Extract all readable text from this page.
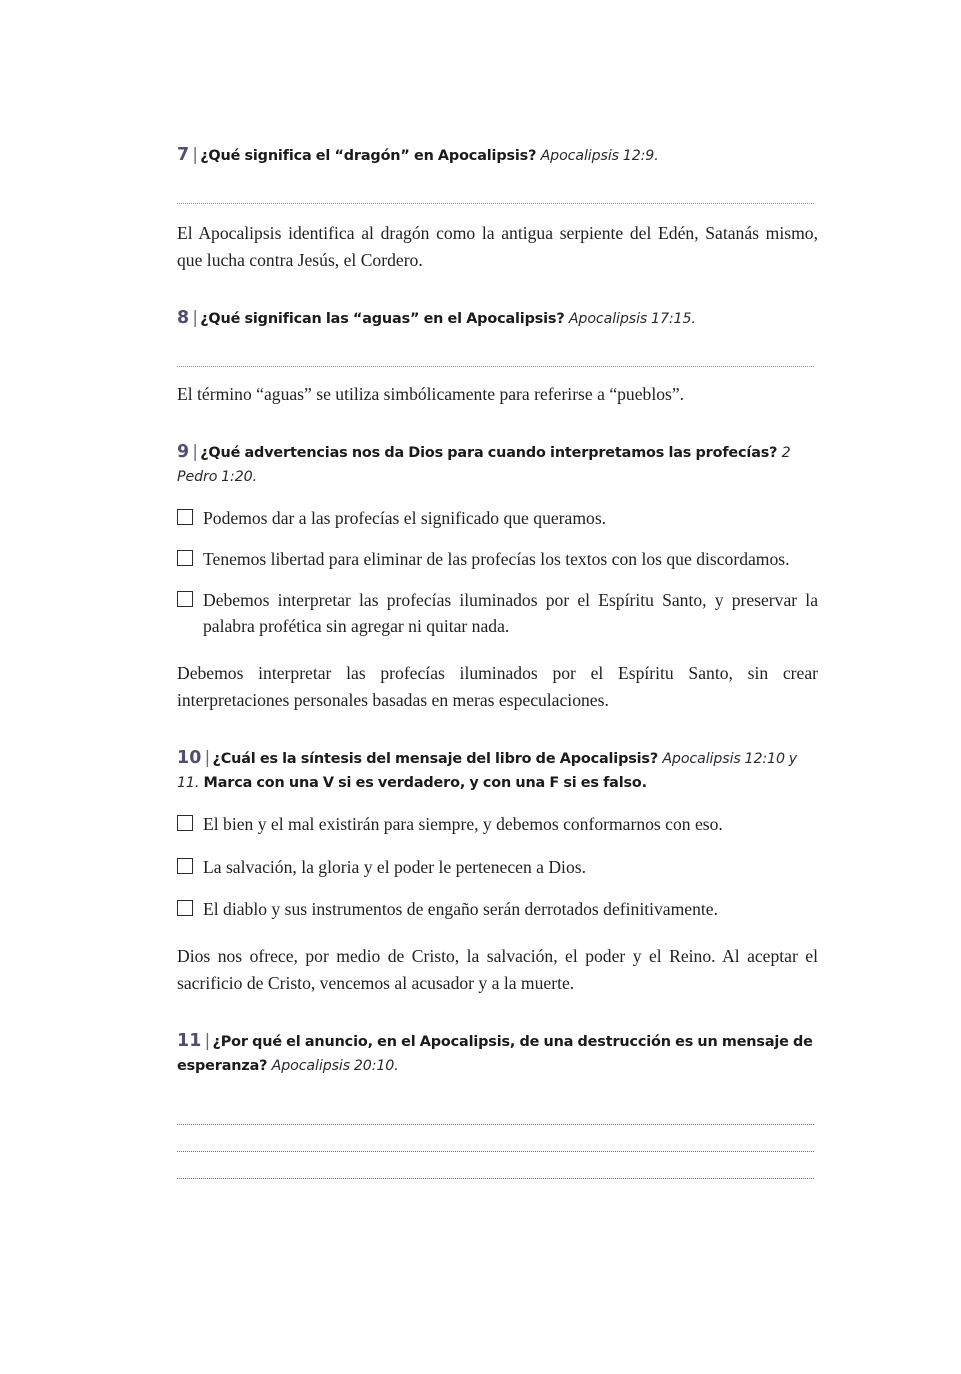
7 | ¿Qué significa el “dragón” en Apocalipsis? Apocalipsis 12:9.

El Apocalipsis identifica al dragón como la antigua serpiente del Edén, Satanás mismo, que lucha contra Jesús, el Cordero.

8 | ¿Qué significan las “aguas” en el Apocalipsis? Apocalipsis 17:15.

El término “aguas” se utiliza simbólicamente para referirse a “pueblos”.

9 | ¿Qué advertencias nos da Dios para cuando interpretamos las profecías? 2 Pedro 1:20.

Podemos dar a las profecías el significado que queramos.
Tenemos libertad para eliminar de las profecías los textos con los que discordamos.
Debemos interpretar las profecías iluminados por el Espíritu Santo, y preservar la palabra profética sin agregar ni quitar nada.

Debemos interpretar las profecías iluminados por el Espíritu Santo, sin crear interpretaciones personales basadas en meras especulaciones.

10 | ¿Cuál es la síntesis del mensaje del libro de Apocalipsis? Apocalipsis 12:10 y 11. Marca con una V si es verdadero, y con una F si es falso.

El bien y el mal existirán para siempre, y debemos conformarnos con eso.
La salvación, la gloria y el poder le pertenecen a Dios.
El diablo y sus instrumentos de engaño serán derrotados definitivamente.

Dios nos ofrece, por medio de Cristo, la salvación, el poder y el Reino. Al aceptar el sacrificio de Cristo, vencemos al acusador y a la muerte.

11 | ¿Por qué el anuncio, en el Apocalipsis, de una destrucción es un mensaje de esperanza? Apocalipsis 20:10.
